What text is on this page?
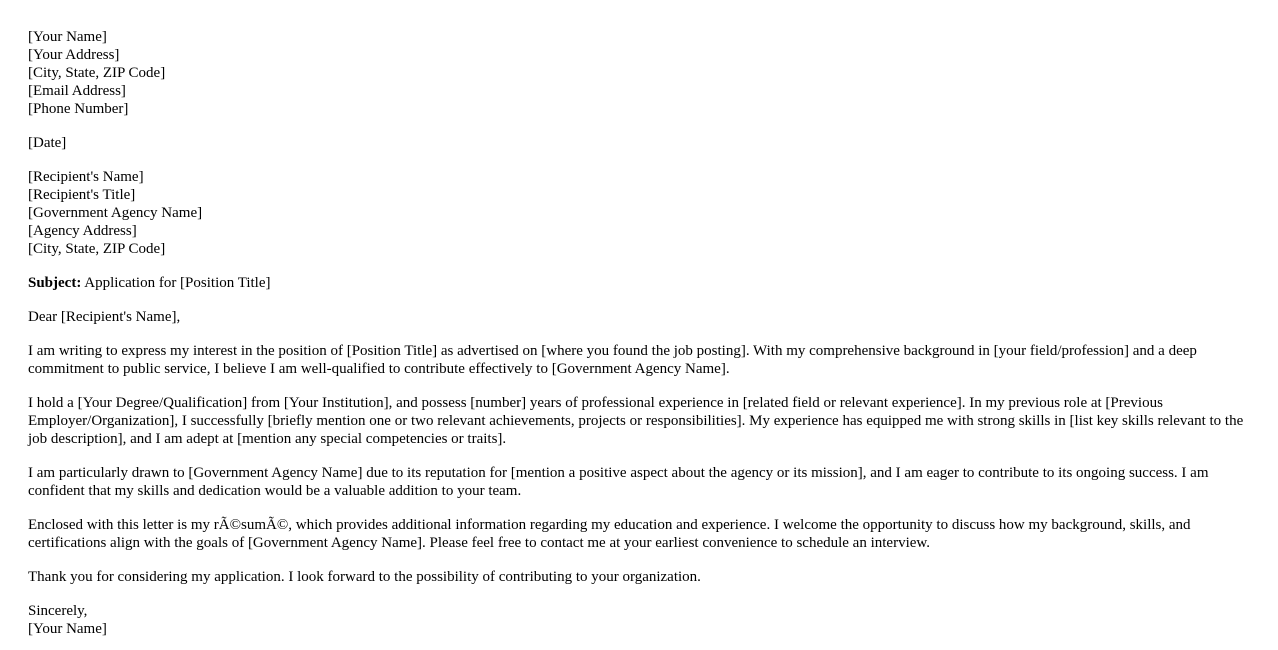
[Your Name]
[Your Address]
[City, State, ZIP Code]
[Email Address]
[Phone Number]
[Date]
[Recipient's Name]
[Recipient's Title]
[Government Agency Name]
[Agency Address]
[City, State, ZIP Code]

Subject: Application for [Position Title]

Dear [Recipient's Name],

I am writing to express my interest in the position of [Position Title] as advertised on [where you found the job posting]. With my comprehensive background in [your field/profession] and a deep commitment to public service, I believe I am well-qualified to contribute effectively to [Government Agency Name].

I hold a [Your Degree/Qualification] from [Your Institution], and possess [number] years of professional experience in [related field or relevant experience]. In my previous role at [Previous Employer/Organization], I successfully [briefly mention one or two relevant achievements, projects or responsibilities]. My experience has equipped me with strong skills in [list key skills relevant to the job description], and I am adept at [mention any special competencies or traits].

I am particularly drawn to [Government Agency Name] due to its reputation for [mention a positive aspect about the agency or its mission], and I am eager to contribute to its ongoing success. I am confident that my skills and dedication would be a valuable addition to your team.

Enclosed with this letter is my rÃ©sumÃ©, which provides additional information regarding my education and experience. I welcome the opportunity to discuss how my background, skills, and certifications align with the goals of [Government Agency Name]. Please feel free to contact me at your earliest convenience to schedule an interview.

Thank you for considering my application. I look forward to the possibility of contributing to your organization.

Sincerely,
[Your Name]
